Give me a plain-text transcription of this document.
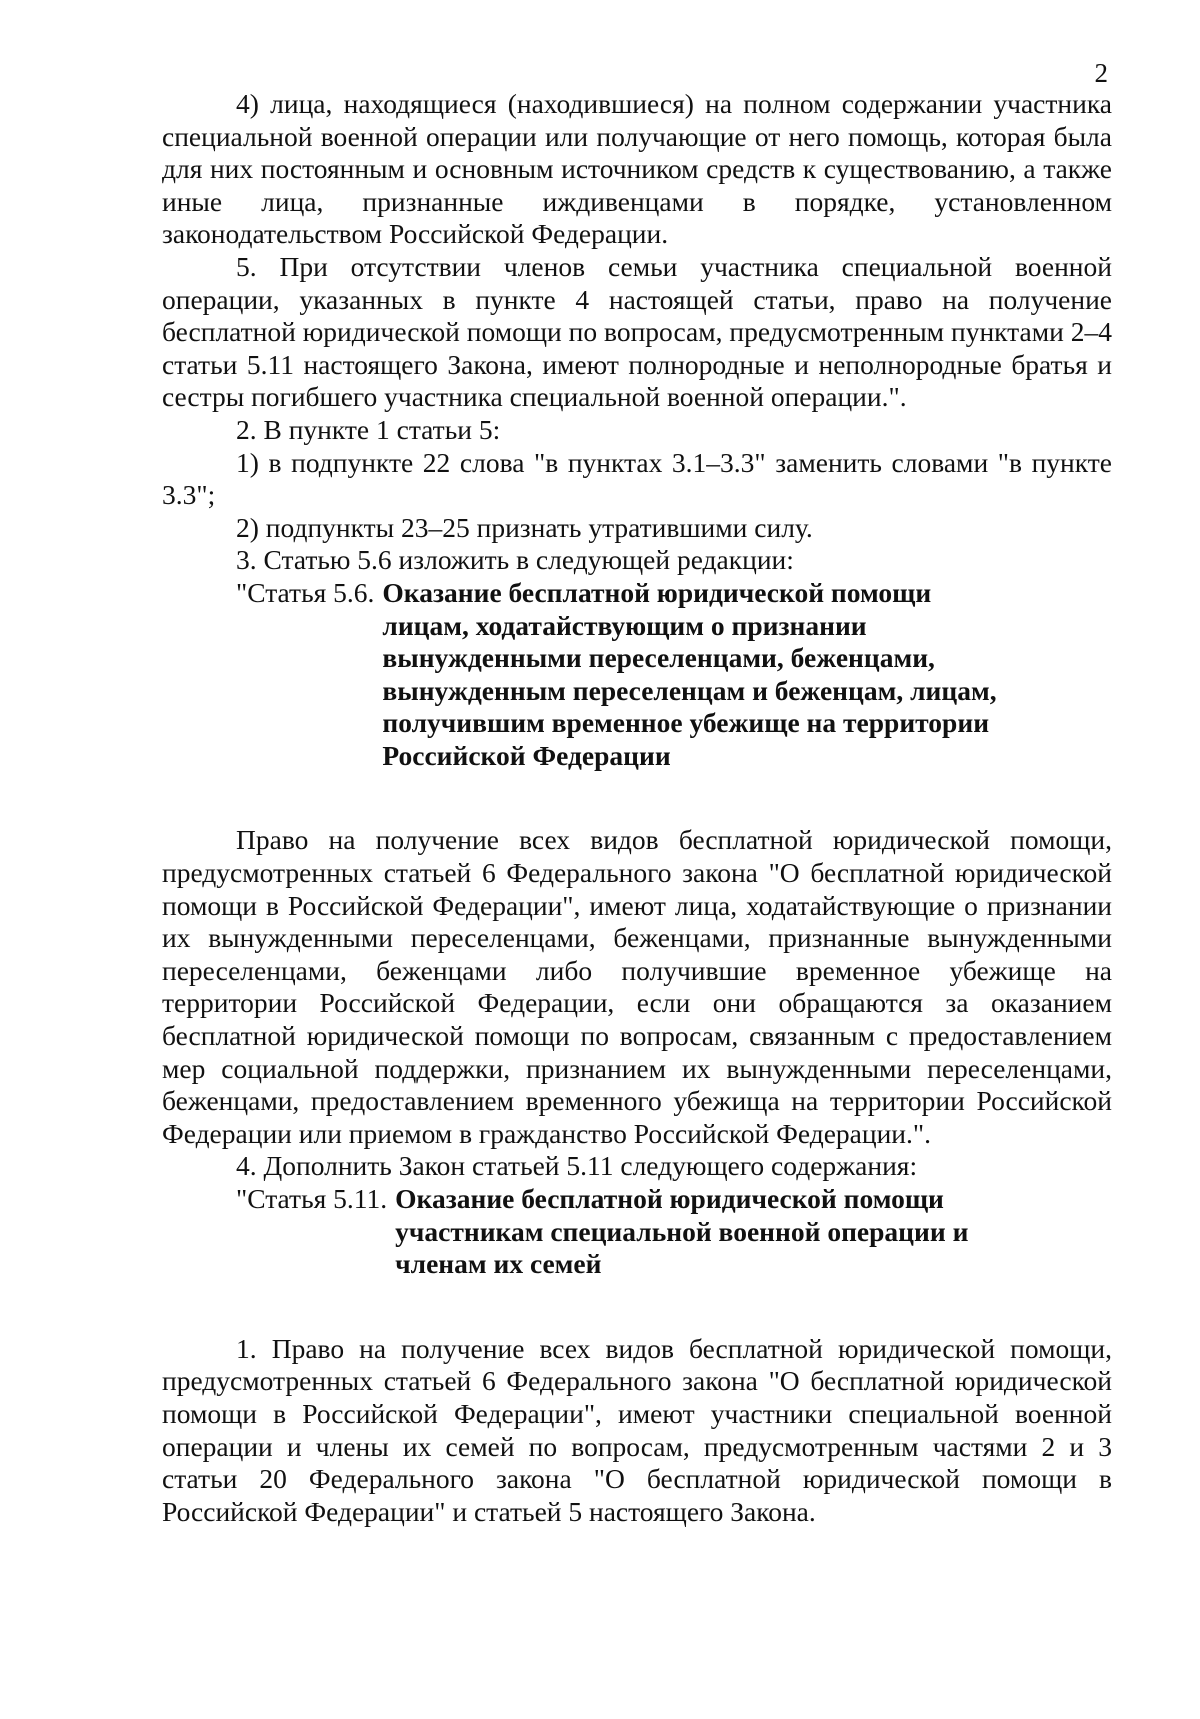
2

4) лица, находящиеся (находившиеся) на полном содержании участника специальной военной операции или получающие от него помощь, которая была для них постоянным и основным источником средств к существованию, а также иные лица, признанные иждивенцами в порядке, установленном законодательством Российской Федерации.

5. При отсутствии членов семьи участника специальной военной операции, указанных в пункте 4 настоящей статьи, право на получение бесплатной юридической помощи по вопросам, предусмотренным пунктами 2–4 статьи 5.11 настоящего Закона, имеют полнородные и неполнородные братья и сестры погибшего участника специальной военной операции.".

2. В пункте 1 статьи 5:

1) в подпункте 22 слова "в пунктах 3.1–3.3" заменить словами "в пункте 3.3";

2) подпункты 23–25 признать утратившими силу.

3. Статью 5.6 изложить в следующей редакции:

"Статья 5.6. Оказание бесплатной юридической помощи лицам, ходатайствующим о признании вынужденными переселенцами, беженцами, вынужденным переселенцам и беженцам, лицам, получившим временное убежище на территории Российской Федерации

Право на получение всех видов бесплатной юридической помощи, предусмотренных статьей 6 Федерального закона "О бесплатной юридической помощи в Российской Федерации", имеют лица, ходатайствующие о признании их вынужденными переселенцами, беженцами, признанные вынужденными переселенцами, беженцами либо получившие временное убежище на территории Российской Федерации, если они обращаются за оказанием бесплатной юридической помощи по вопросам, связанным с предоставлением мер социальной поддержки, признанием их вынужденными переселенцами, беженцами, предоставлением временного убежища на территории Российской Федерации или приемом в гражданство Российской Федерации.".

4. Дополнить Закон статьей 5.11 следующего содержания:

"Статья 5.11. Оказание бесплатной юридической помощи участникам специальной военной операции и членам их семей

1. Право на получение всех видов бесплатной юридической помощи, предусмотренных статьей 6 Федерального закона "О бесплатной юридической помощи в Российской Федерации", имеют участники специальной военной операции и члены их семей по вопросам, предусмотренным частями 2 и 3 статьи 20 Федерального закона "О бесплатной юридической помощи в Российской Федерации" и статьей 5 настоящего Закона.
